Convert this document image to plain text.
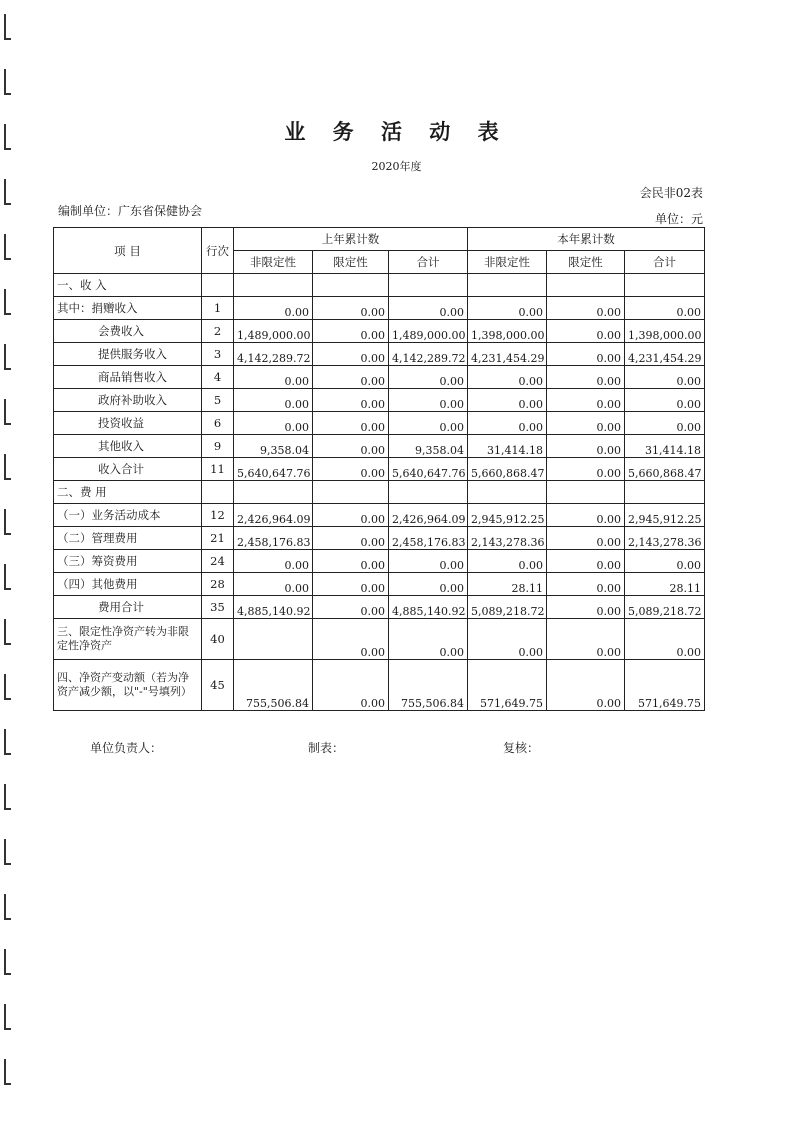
业 务 活 动 表
2020年度
会民非02表
编制单位：广东省保健协会
单位：元
项 目	行次	上年累计数			本年累计数		
		非限定性	限定性	合计	非限定性	限定性	合计
一、收 入							
其中：捐赠收入	1	0.00	0.00	0.00	0.00	0.00	0.00
会费收入	2	1,489,000.00	0.00	1,489,000.00	1,398,000.00	0.00	1,398,000.00
提供服务收入	3	4,142,289.72	0.00	4,142,289.72	4,231,454.29	0.00	4,231,454.29
商品销售收入	4	0.00	0.00	0.00	0.00	0.00	0.00
政府补助收入	5	0.00	0.00	0.00	0.00	0.00	0.00
投资收益	6	0.00	0.00	0.00	0.00	0.00	0.00
其他收入	9	9,358.04	0.00	9,358.04	31,414.18	0.00	31,414.18
收入合计	11	5,640,647.76	0.00	5,640,647.76	5,660,868.47	0.00	5,660,868.47
二、费 用							
（一）业务活动成本	12	2,426,964.09	0.00	2,426,964.09	2,945,912.25	0.00	2,945,912.25
（二）管理费用	21	2,458,176.83	0.00	2,458,176.83	2,143,278.36	0.00	2,143,278.36
（三）筹资费用	24	0.00	0.00	0.00	0.00	0.00	0.00
（四）其他费用	28	0.00	0.00	0.00	28.11	0.00	28.11
费用合计	35	4,885,140.92	0.00	4,885,140.92	5,089,218.72	0.00	5,089,218.72
三、限定性净资产转为非限定性净资产	40		0.00	0.00	0.00	0.00	0.00
四、净资产变动额（若为净资产减少额，以"-"号填列）	45	755,506.84	0.00	755,506.84	571,649.75	0.00	571,649.75
单位负责人：	制表：	复核：
